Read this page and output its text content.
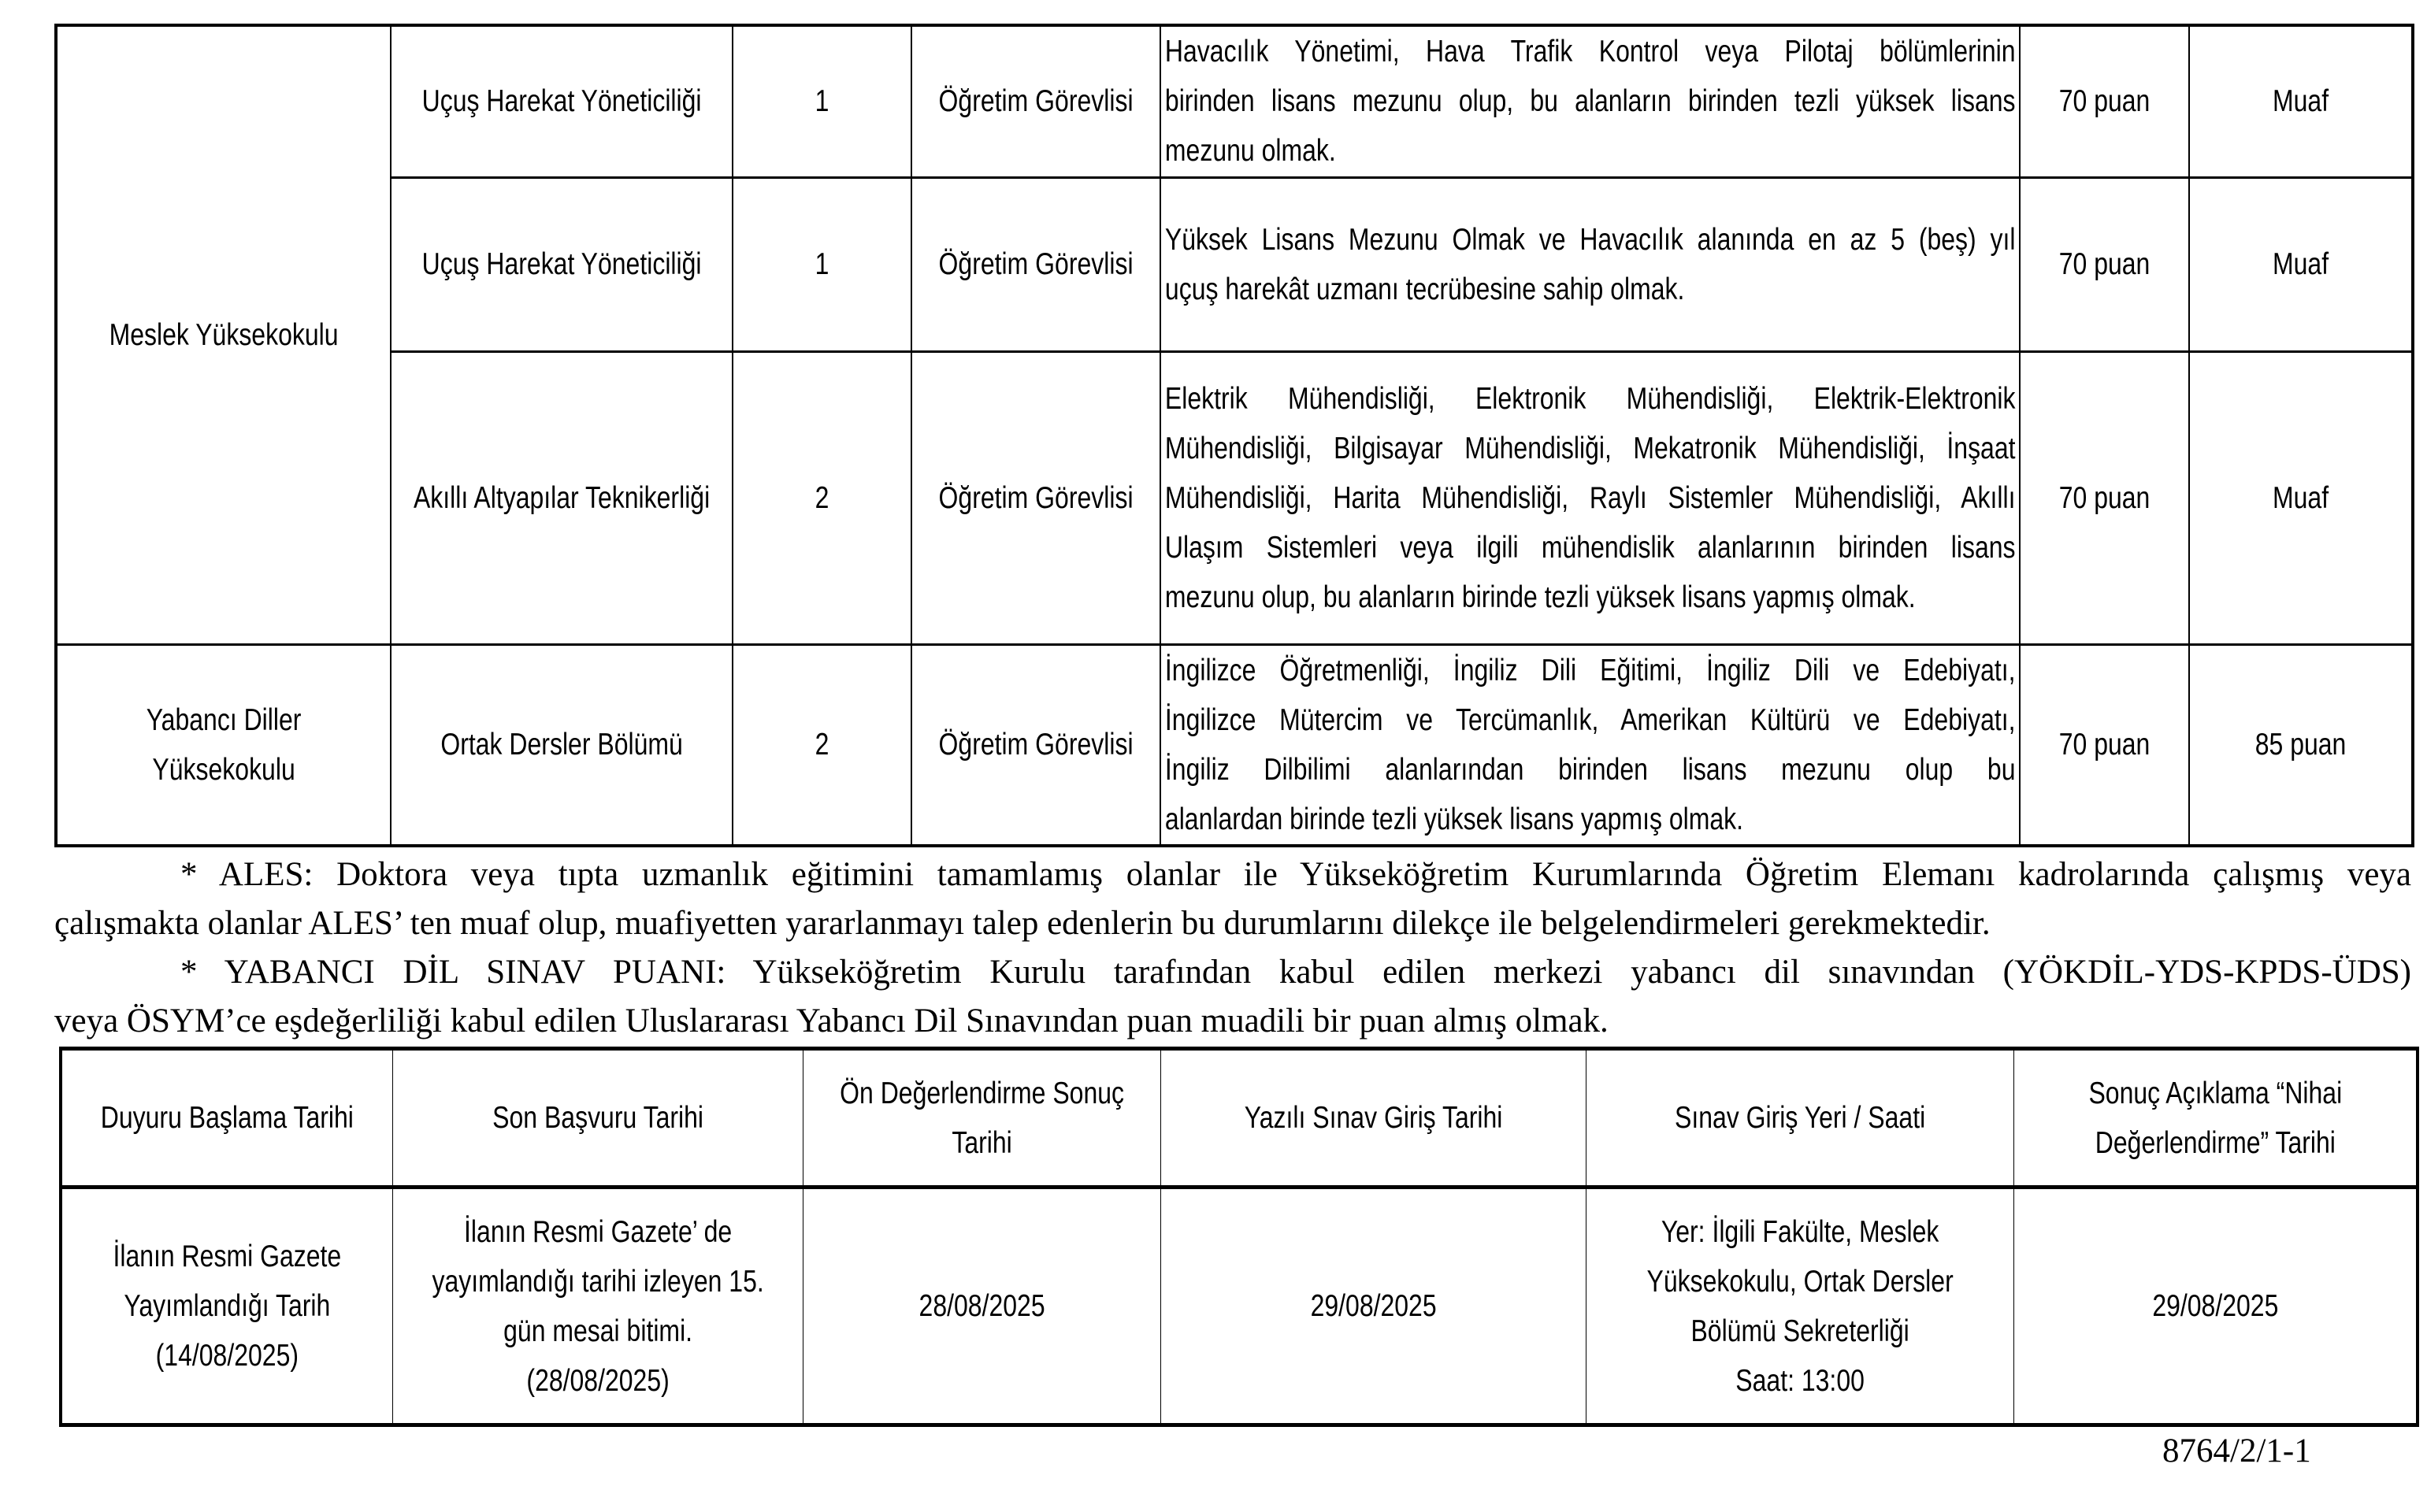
Meslek Yüksekokulu	Uçuş Harekat Yöneticiliği	1	Öğretim Görevlisi	Havacılık Yönetimi, Hava Trafik Kontrol veya Pilotaj bölümlerinin
birinden lisans mezunu olup, bu alanların birinden tezli yüksek lisans
mezunu olmak.	70 puan	Muaf

	Uçuş Harekat Yöneticiliği	1	Öğretim Görevlisi	Yüksek Lisans Mezunu Olmak ve Havacılık alanında en az 5 (beş) yıl
uçuş harekât uzmanı tecrübesine sahip olmak.	70 puan	Muaf

	Akıllı Altyapılar Teknikerliği	2	Öğretim Görevlisi	Elektrik Mühendisliği, Elektronik Mühendisliği, Elektrik-Elektronik
Mühendisliği, Bilgisayar Mühendisliği, Mekatronik Mühendisliği, İnşaat
Mühendisliği, Harita Mühendisliği, Raylı Sistemler Mühendisliği, Akıllı
Ulaşım Sistemleri veya ilgili mühendislik alanlarının birinden lisans
mezunu olup, bu alanların birinde tezli yüksek lisans yapmış olmak.	70 puan	Muaf

Yabancı Diller
Yüksekokulu	Ortak Dersler Bölümü	2	Öğretim Görevlisi	İngilizce Öğretmenliği, İngiliz Dili Eğitimi, İngiliz Dili ve Edebiyatı,
İngilizce Mütercim ve Tercümanlık, Amerikan Kültürü ve Edebiyatı,
İngiliz Dilbilimi alanlarından birinden lisans mezunu olup bu
alanlardan birinde tezli yüksek lisans yapmış olmak.	70 puan	85 puan
* ALES: Doktora veya tıpta uzmanlık eğitimini tamamlamış olanlar ile Yükseköğretim Kurumlarında Öğretim Elemanı kadrolarında çalışmış veya
çalışmakta olanlar ALES’ ten muaf olup, muafiyetten yararlanmayı talep edenlerin bu durumlarını dilekçe ile belgelendirmeleri gerekmektedir.
* YABANCI DİL SINAV PUANI: Yükseköğretim Kurulu tarafından kabul edilen merkezi yabancı dil sınavından (YÖKDİL-YDS-KPDS-ÜDS)
veya ÖSYM’ce eşdeğerliliği kabul edilen Uluslararası Yabancı Dil Sınavından puan muadili bir puan almış olmak.
Duyuru Başlama Tarihi	Son Başvuru Tarihi	Ön Değerlendirme Sonuç
Tarihi	Yazılı Sınav Giriş Tarihi	Sınav Giriş Yeri / Saati	Sonuç Açıklama “Nihai
Değerlendirme” Tarihi

İlanın Resmi Gazete
Yayımlandığı Tarih
(14/08/2025)	İlanın Resmi Gazete’ de
yayımlandığı tarihi izleyen 15.
gün mesai bitimi.
(28/08/2025)	28/08/2025	29/08/2025	Yer: İlgili Fakülte, Meslek
Yüksekokulu, Ortak Dersler
Bölümü Sekreterliği
Saat: 13:00	29/08/2025
8764/2/1-1
